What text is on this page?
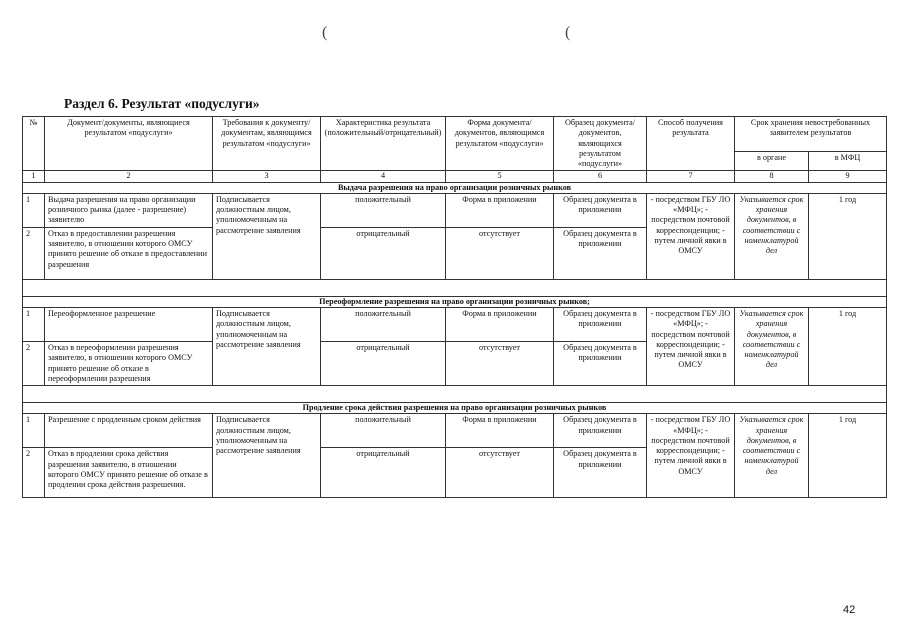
(	(
Раздел 6. Результат «подуслуги»
№	Документ/документы, являющиеся результатом «подуслуги»	Требования к документу/документам, являющимся результатом «подуслуги»	Характеристика результата (положительный/отрицательный)	Форма документа/документов, являющимся результатом «подуслуги»	Образец документа/документов, являющихся результатом «подуслуги»	Способ получения результата	Срок хранения невостребованных заявителем результатов	
							в органе	в МФЦ
1	2	3	4	5	6	7	8	9
Выдача разрешения на право организации розничных рынков								
1	Выдача разрешения на право организации розничного рынка (далее - разрешение) заявителю	Подписывается должностным лицом, уполномоченным на рассмотрение заявления	положительный	Форма в приложении	Образец документа в приложении	- посредством ГБУ ЛО «МФЦ»; - посредством почтовой корреспонденции; - путем личной явки в ОМСУ	Указывается срок хранения документов, в соответствии с номенклатурой дел	1 год
2	Отказ в предоставлении разрешения заявителю, в отношении которого ОМСУ принято решение об отказе в предоставлении разрешения		отрицательный	отсутствует	Образец документа в приложении			

Переоформление разрешения на право организации розничных рынков;								
1	Переоформленное разрешение	Подписывается должностным лицом, уполномоченным на рассмотрение заявления	положительный	Форма в приложении	Образец документа в приложении	- посредством ГБУ ЛО «МФЦ»; - посредством почтовой корреспонденции; - путем личной явки в ОМСУ	Указывается срок хранения документов, в соответствии с номенклатурой дел	1 год
2	Отказ в переоформлении разрешения заявителю, в отношении которого ОМСУ принято решение об отказе в переоформлении разрешения		отрицательный	отсутствует	Образец документа в приложении			

Продление срока действия разрешения на право организации розничных рынков								
1	Разрешение с продленным сроком действия	Подписывается должностным лицом, уполномоченным на рассмотрение заявления	положительный	Форма в приложении	Образец документа в приложении	- посредством ГБУ ЛО «МФЦ»; - посредством почтовой корреспонденции; - путем личной явки в ОМСУ	Указывается срок хранения документов, в соответствии с номенклатурой дел	1 год
2	Отказ в продлении срока действия разрешения заявителю, в отношении которого ОМСУ принято решение об отказе в продлении срока действия разрешения.		отрицательный	отсутствует	Образец документа в приложении			
42
